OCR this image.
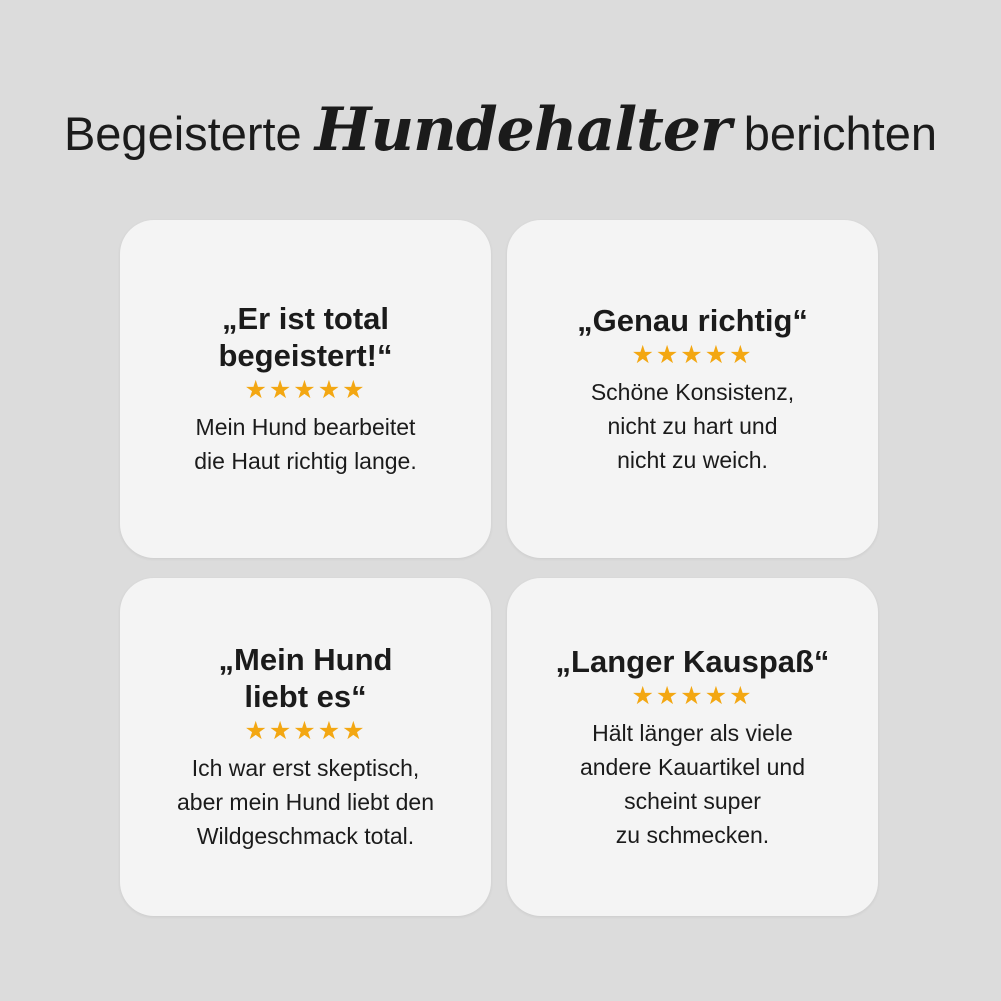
Begeisterte Hundehalter berichten
„Er ist total
begeistert!“
★★★★★
Mein Hund bearbeitet
die Haut richtig lange.
„Genau richtig“
★★★★★
Schöne Konsistenz,
nicht zu hart und
nicht zu weich.
„Mein Hund
liebt es“
★★★★★
Ich war erst skeptisch,
aber mein Hund liebt den
Wildgeschmack total.
„Langer Kauspaß“
★★★★★
Hält länger als viele
andere Kauartikel und
scheint super
zu schmecken.
